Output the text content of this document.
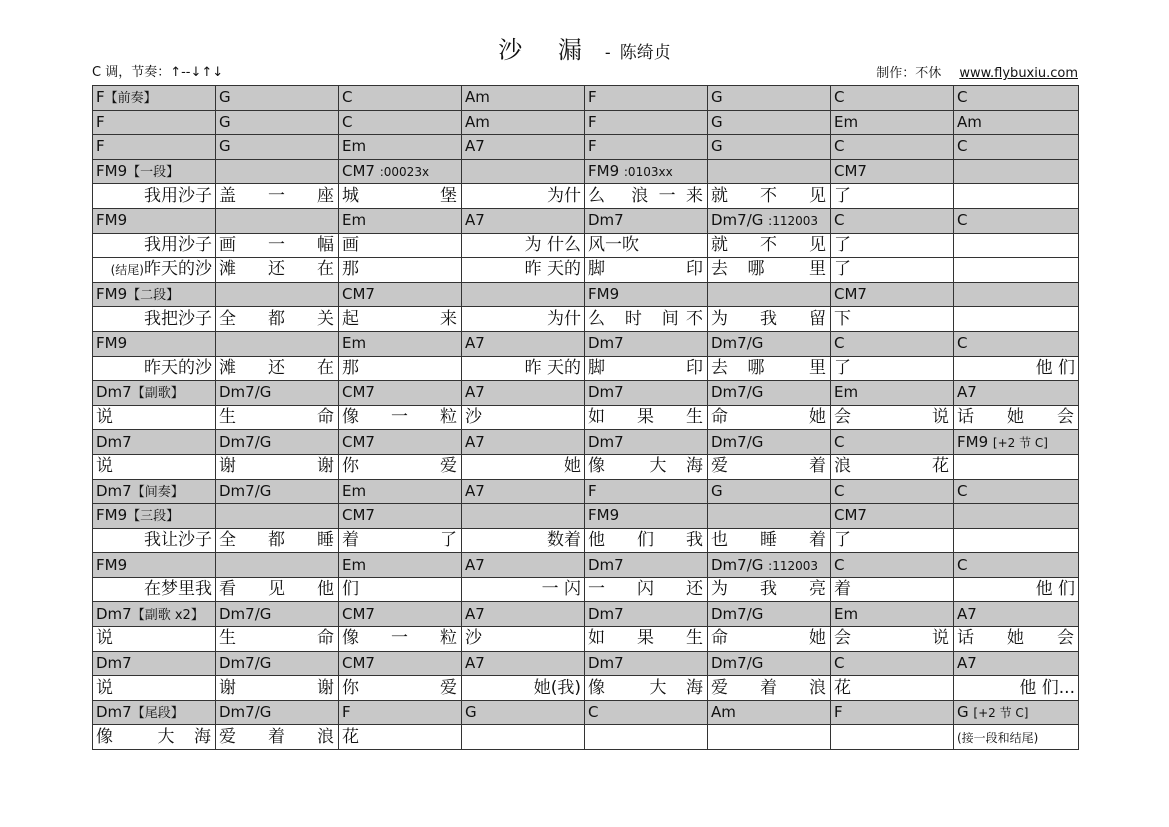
沙 漏 - 陈绮贞
C 调，节奏：↑--↓↑↓	制作：不休 www.flybuxiu.com
F【前奏】	G	C	Am	F	G	C	C
F	G	C	Am	F	G	Em	Am
F	G	Em	A7	F	G	C	C
FM9【一段】		CM7 :00023x		FM9 :0103xx		CM7	
我用沙子	盖 一 座	城 堡	为什	么 浪一来	就 不 见	了	
FM9		Em	A7	Dm7	Dm7/G :112003	C	C
我用沙子	画 一 幅	画	为 什么	风一吹	就 不 见	了	
(结尾)昨天的沙	滩 还 在	那	昨 天的	脚 印	去哪 里	了	
FM9【二段】		CM7		FM9		CM7	
我把沙子	全 都 关	起 来	为什	么 时 间不	为 我 留	下	
FM9		Em	A7	Dm7	Dm7/G	C	C
昨天的沙	滩 还 在	那	昨 天的	脚 印	去哪 里	了	他 们
Dm7【副歌】	Dm7/G	CM7	A7	Dm7	Dm7/G	Em	A7
说	生 命	像 一 粒	沙	如 果 生	命 她	会 说	话 她 会

Dm7	Dm7/G	CM7	A7	Dm7	Dm7/G	C	FM9 [+2 节 C]
说	谢 谢	你 爱	她	像 大海	爱 着	浪 花	

Dm7【间奏】	Dm7/G	Em	A7	F	G	C	C
FM9【三段】		CM7		FM9		CM7	
我让沙子	全 都 睡	着 了	数着	他 们 我	也 睡 着	了	
FM9		Em	A7	Dm7	Dm7/G :112003	C	C
在梦里我	看 见 他	们	一 闪	一 闪 还	为 我 亮	着	他 们
Dm7【副歌 x2】	Dm7/G	CM7	A7	Dm7	Dm7/G	Em	A7
说	生 命	像 一 粒	沙	如 果 生	命 她	会 说	话 她 会

Dm7	Dm7/G	CM7	A7	Dm7	Dm7/G	C	A7
说	谢 谢	你 爱	她(我)	像 大海	爱 着 浪	花	他 们...
Dm7【尾段】	Dm7/G	F	G	C	Am	F	G [+2 节 C]

像 大海	爱 着 浪	花					(接一段和结尾)
